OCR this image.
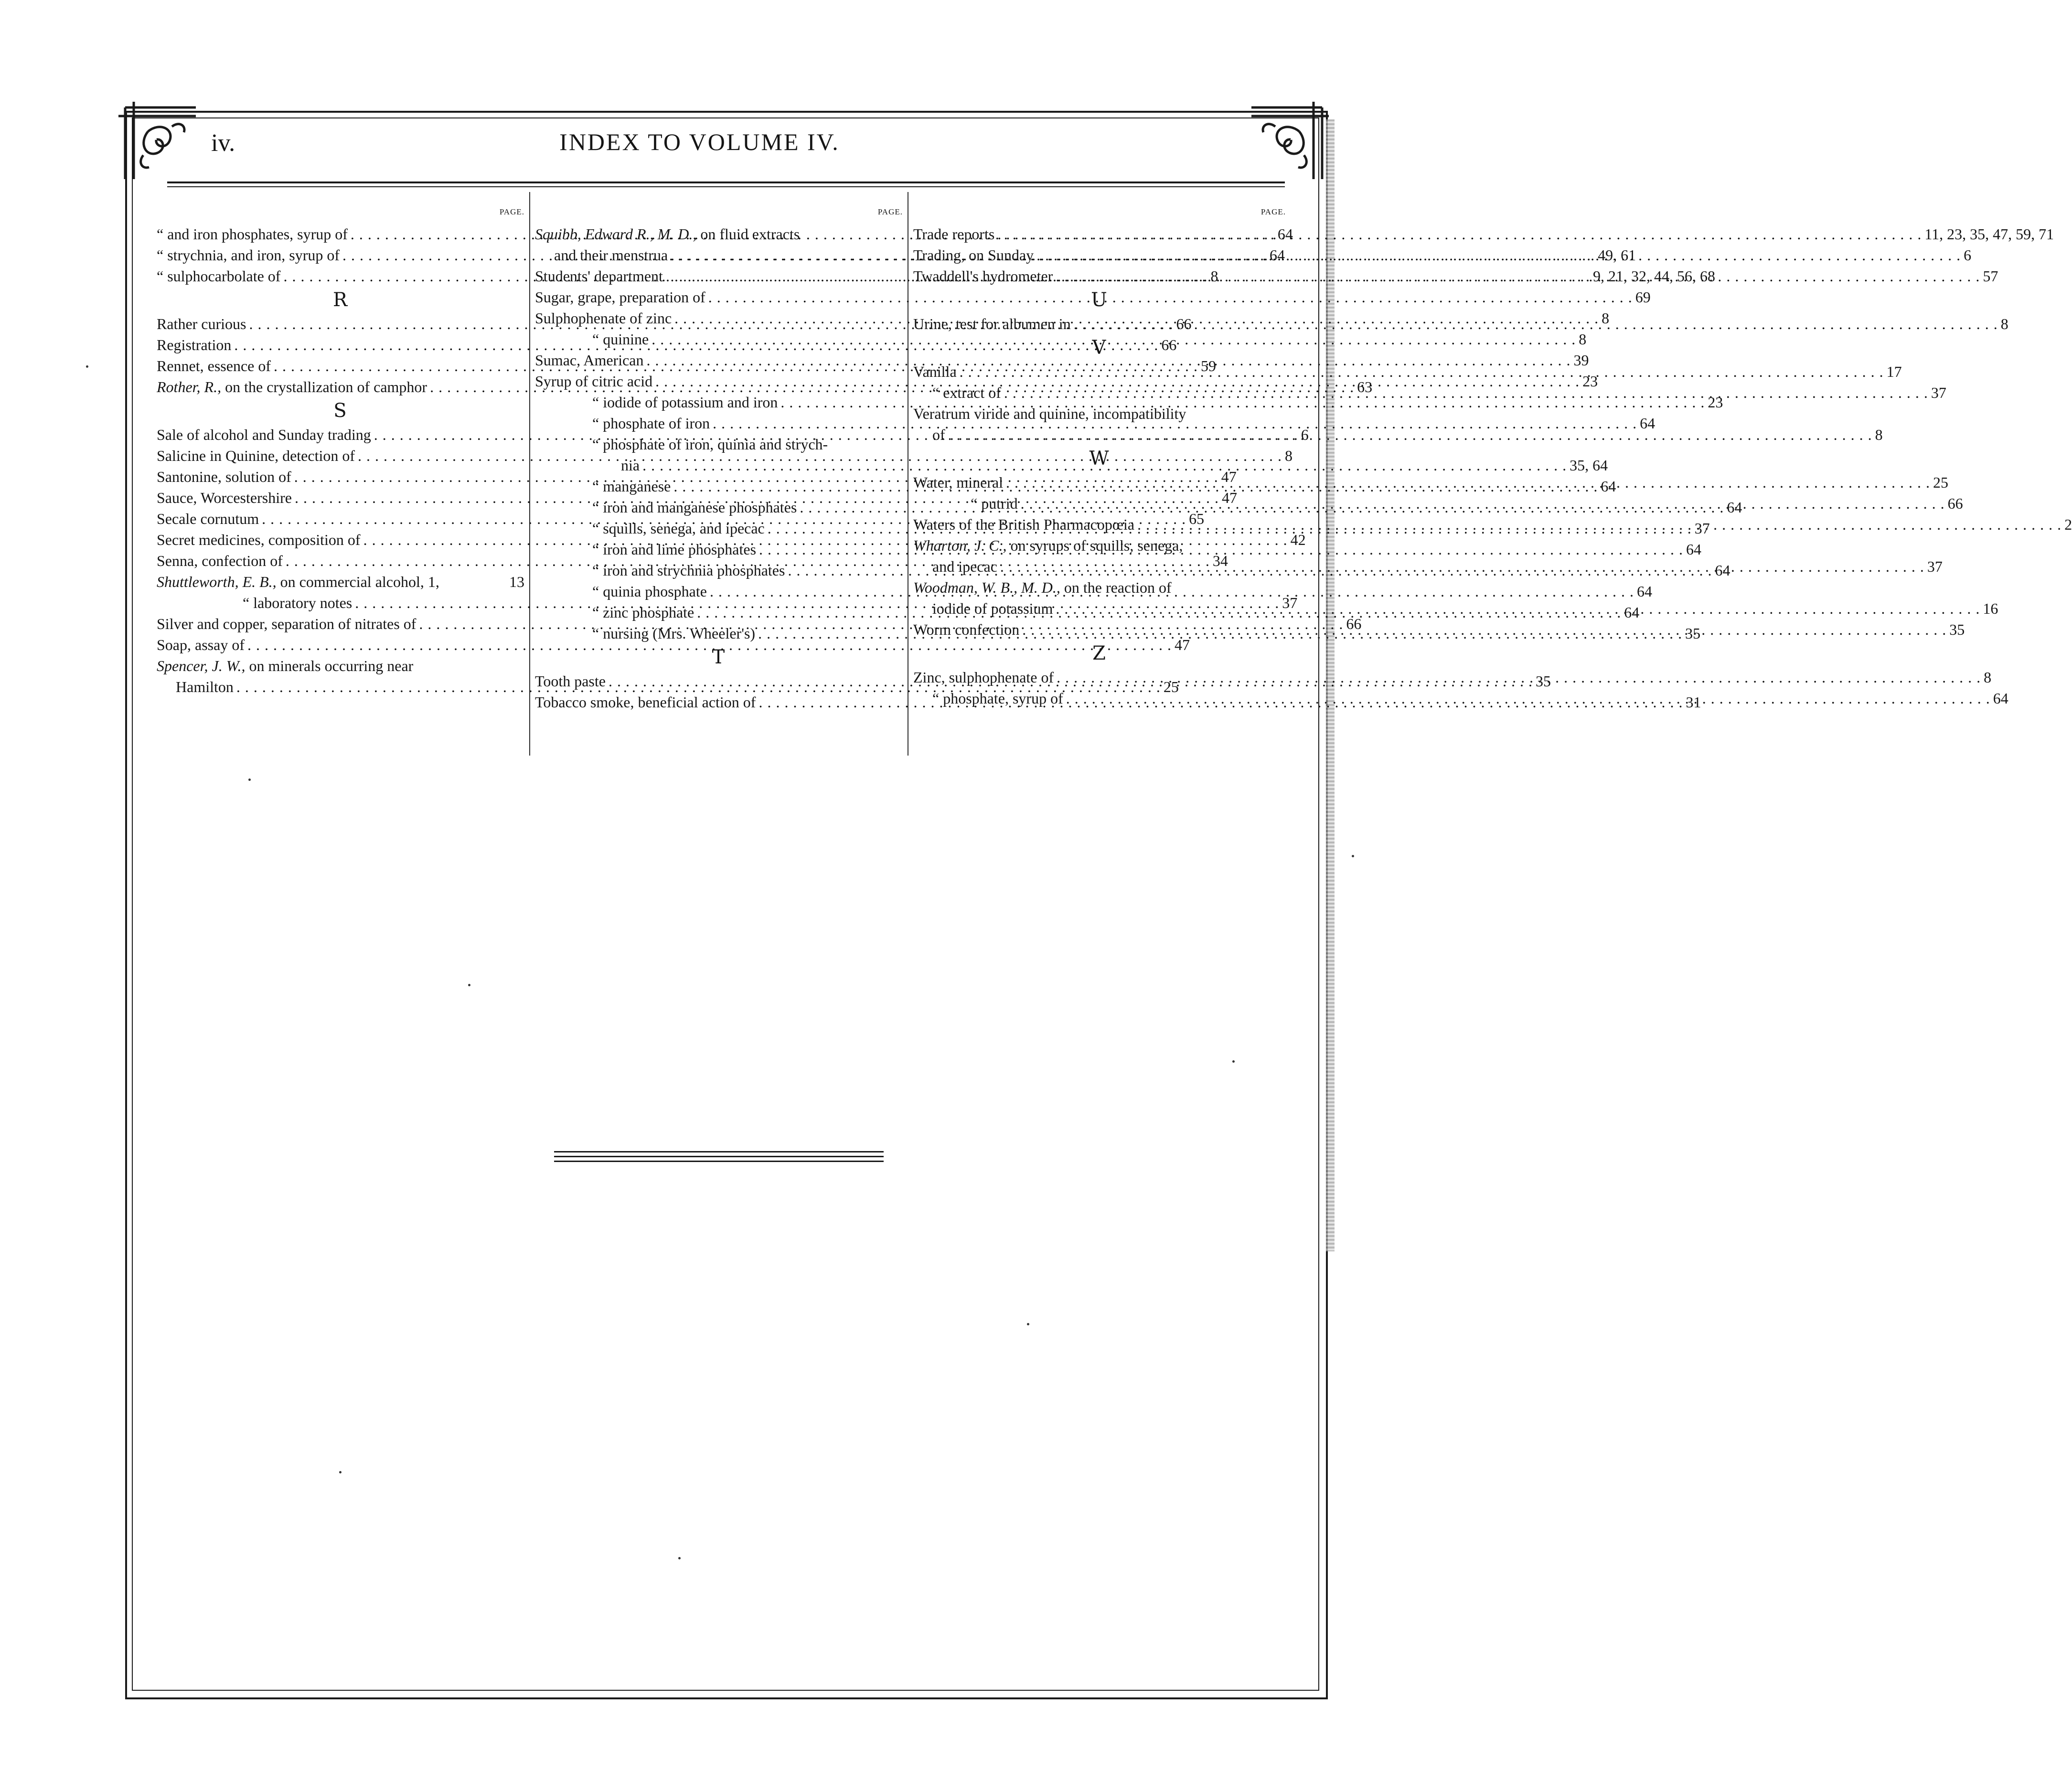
iv.	INDEX TO VOLUME IV.
PAGE.
“ and iron phosphates, syrup of . . .	64
“ strychnia, and iron, syrup of . . .	64
“ sulphocarbolate of . . .	8
R
Rather curious . . .	66
Registration . . .	66
Rennet, essence of . . .	59
Rother, R., on the crystallization of camphor . . .	63
S
Sale of alcohol and Sunday trading . . .	6
Salicine in Quinine, detection of . . .	8
Santonine, solution of . . .	47
Sauce, Worcestershire . . .	47
Secale cornutum . . .	65
Secret medicines, composition of . . .	42
Senna, confection of . . .	34
Shuttleworth, E. B., on commercial alcohol, 1,	13
“ laboratory notes . . .	37
Silver and copper, separation of nitrates of . . .	66
Soap, assay of . . .	47
Spencer, J. W., on minerals occurring near
Hamilton . . .	25
PAGE.
Squibb, Edward R., M. D., on fluid extracts
and their menstrua . . .	49, 61
Students' department . . .	9, 21, 32, 44, 56, 68
Sugar, grape, preparation of . . .	69
Sulphophenate of zinc . . .	8
“ quinine . . .	8
Sumac, American . . .	39
Syrup of citric acid . . .	23
“ iodide of potassium and iron . . .	23
“ phosphate of iron . . .	64
“ phosphate of iron, quinia and strych-
nia . . .	35, 64
“ manganese . . .	64
“ iron and manganese phosphates . . .	64
“ squills, senega, and ipecac . . .	37
“ iron and lime phosphates . . .	64
“ iron and strychnia phosphates . . .	64
“ quinia phosphate . . .	64
“ zinc phosphate . . .	64
“ nursing (Mrs. Wheeler's) . . .	35
T
Tooth paste . . .	35
Tobacco smoke, beneficial action of . . .	31
PAGE.
Trade reports . . .	11, 23, 35, 47, 59, 71
Trading, on Sunday . . .	6
Twaddell's hydrometer . . .	57
U
Urine, test for albumen in . . .	8
V
Vanilla . . .	17
“ extract of . . .	37
Veratrum viride and quinine, incompatibility
of . . .	8
W
Water, mineral . . .	25
“ putrid . . .	66
Waters of the British Pharmacopœia . . .	2
Wharton, J. C., on syrups of squills, senega,
and ipecac . . .	37
Woodman, W. B., M. D., on the reaction of
iodide of potassium . . .	16
Worm confection . . .	35
Z
Zinc, sulphophenate of . . .	8
“ phosphate, syrup of . . .	64
